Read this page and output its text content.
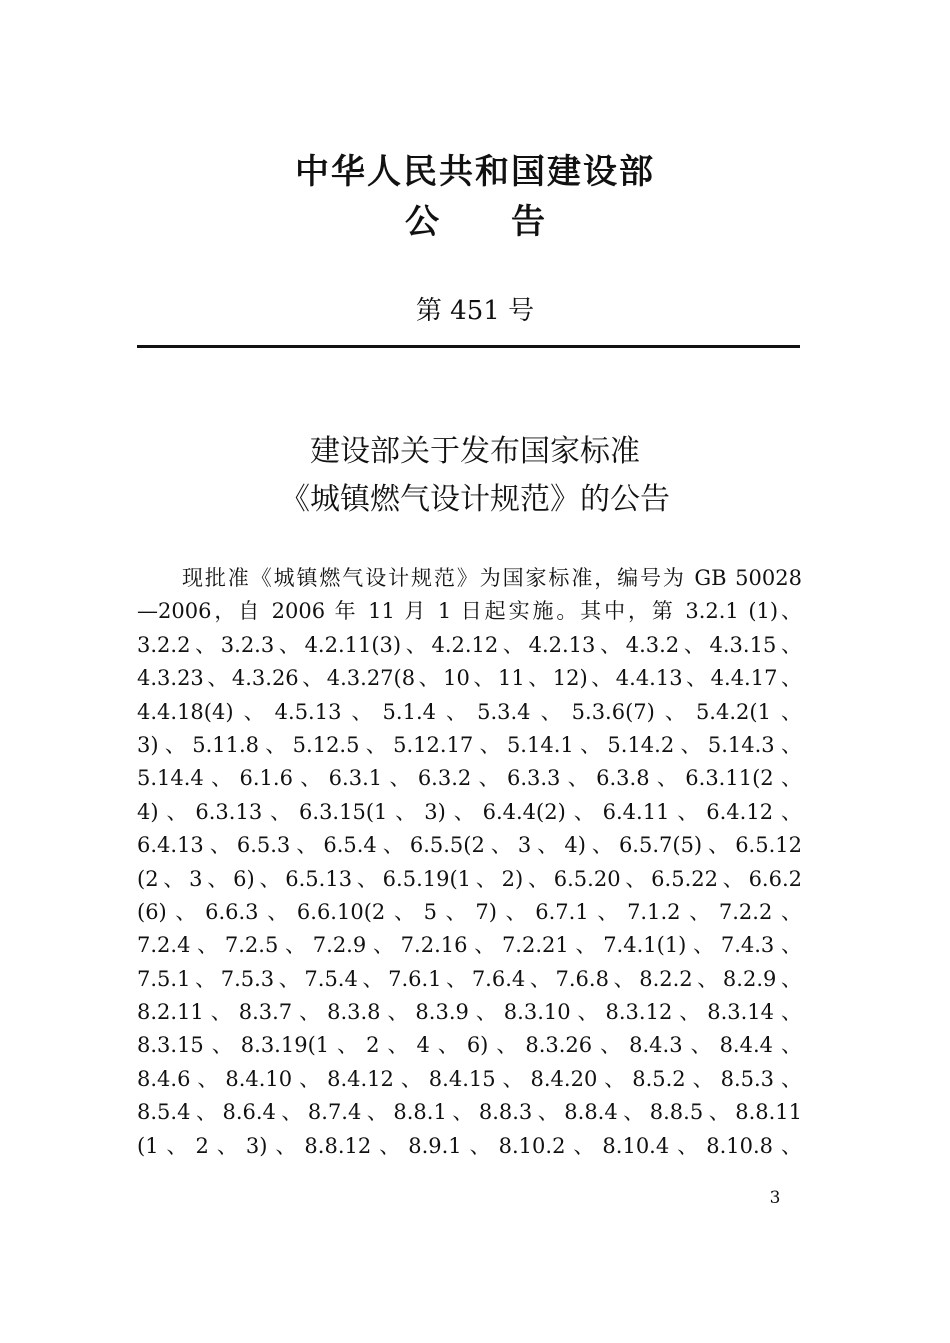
中华人民共和国建设部
公 告
第 451 号
建设部关于发布国家标准
《城镇燃气设计规范》的公告
现批准《城镇燃气设计规范》为国家标准，编号为 GB 50028
—2006，自 2006 年 11 月 1 日起实施。其中，第 3.2.1 (1)、
3.2.2、3.2.3、4.2.11(3)、4.2.12、4.2.13、4.3.2、4.3.15、
4.3.23、4.3.26、4.3.27(8、10、11、12)、4.4.13、4.4.17、
4.4.18(4)、4.5.13、5.1.4、5.3.4、5.3.6(7)、5.4.2(1、
3)、5.11.8、5.12.5、5.12.17、5.14.1、5.14.2、5.14.3、
5.14.4、6.1.6、6.3.1、6.3.2、6.3.3、6.3.8、6.3.11(2、
4)、6.3.13、6.3.15(1、3)、6.4.4(2)、6.4.11、6.4.12、
6.4.13、6.5.3、6.5.4、6.5.5(2、3、4)、6.5.7(5)、6.5.12
(2、3、6)、6.5.13、6.5.19(1、2)、6.5.20、6.5.22、6.6.2
(6)、6.6.3、6.6.10(2、5、7)、6.7.1、7.1.2、7.2.2、
7.2.4、7.2.5、7.2.9、7.2.16、7.2.21、7.4.1(1)、7.4.3、
7.5.1、7.5.3、7.5.4、7.6.1、7.6.4、7.6.8、8.2.2、8.2.9、
8.2.11、8.3.7、8.3.8、8.3.9、8.3.10、8.3.12、8.3.14、
8.3.15、8.3.19(1、2、4、6)、8.3.26、8.4.3、8.4.4、
8.4.6、8.4.10、8.4.12、8.4.15、8.4.20、8.5.2、8.5.3、
8.5.4、8.6.4、8.7.4、8.8.1、8.8.3、8.8.4、8.8.5、8.8.11
(1、2、3)、8.8.12、8.9.1、8.10.2、8.10.4、8.10.8、
3
